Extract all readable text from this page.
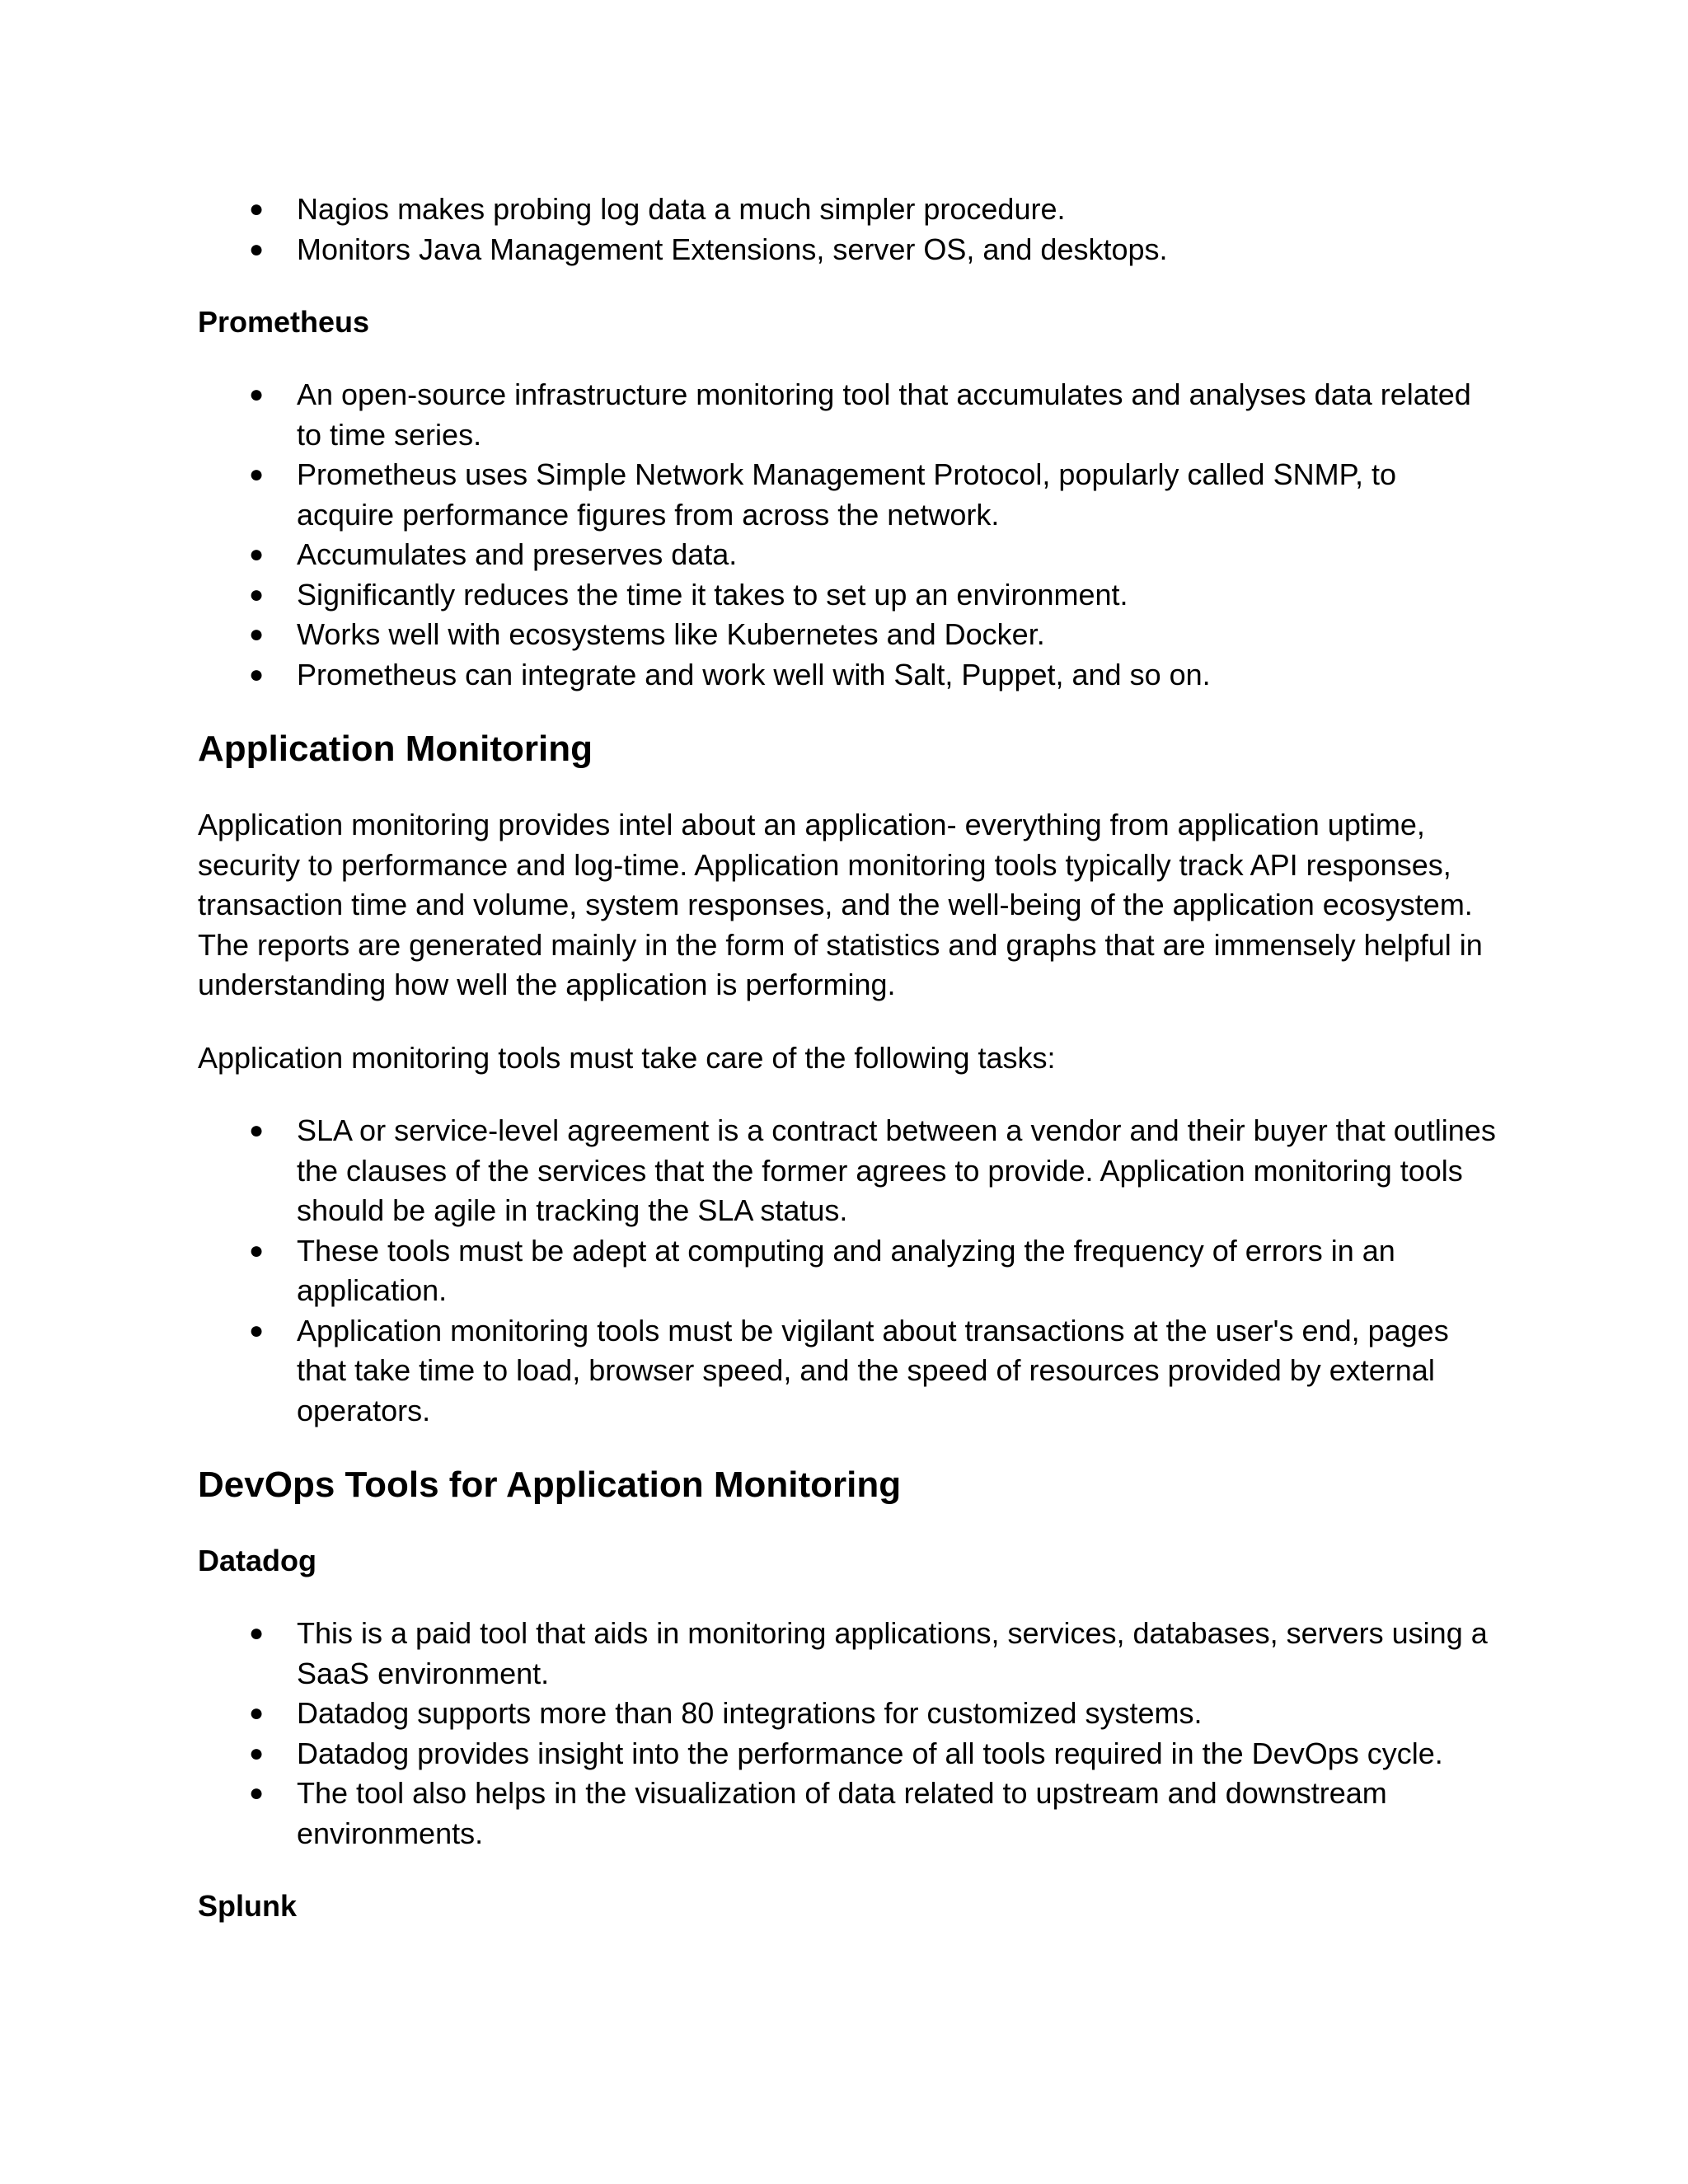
● Nagios makes probing log data a much simpler procedure.
● Monitors Java Management Extensions, server OS, and desktops.
Prometheus
● An open-source infrastructure monitoring tool that accumulates and analyses data related to time series.
● Prometheus uses Simple Network Management Protocol, popularly called SNMP, to acquire performance figures from across the network.
● Accumulates and preserves data.
● Significantly reduces the time it takes to set up an environment.
● Works well with ecosystems like Kubernetes and Docker.
● Prometheus can integrate and work well with Salt, Puppet, and so on.
Application Monitoring

Application monitoring provides intel about an application- everything from application uptime, security to performance and log-time. Application monitoring tools typically track API responses, transaction time and volume, system responses, and the well-being of the application ecosystem. The reports are generated mainly in the form of statistics and graphs that are immensely helpful in understanding how well the application is performing.

Application monitoring tools must take care of the following tasks:

● SLA or service-level agreement is a contract between a vendor and their buyer that outlines the clauses of the services that the former agrees to provide. Application monitoring tools should be agile in tracking the SLA status.
● These tools must be adept at computing and analyzing the frequency of errors in an application.
● Application monitoring tools must be vigilant about transactions at the user's end, pages that take time to load, browser speed, and the speed of resources provided by external operators.
DevOps Tools for Application Monitoring
Datadog
● This is a paid tool that aids in monitoring applications, services, databases, servers using a SaaS environment.
● Datadog supports more than 80 integrations for customized systems.
● Datadog provides insight into the performance of all tools required in the DevOps cycle.
● The tool also helps in the visualization of data related to upstream and downstream environments.
Splunk
